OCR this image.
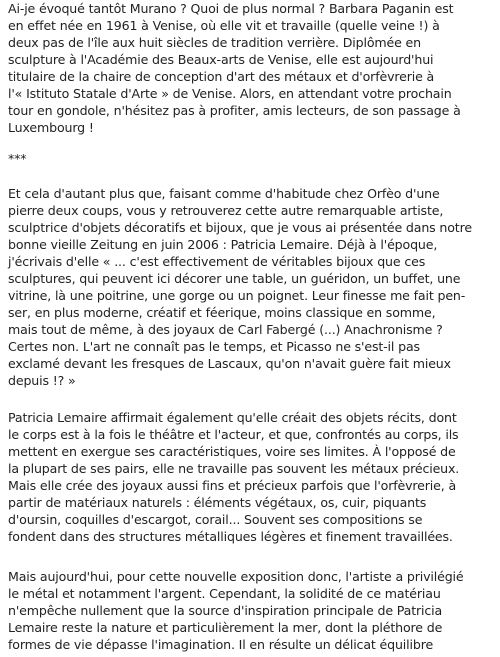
Ai-je évoqué tantôt Murano ? Quoi de plus normal ? Barbara Paganin est
en effet née en 1961 à Venise, où elle vit et travaille (quelle veine !) à
deux pas de l'île aux huit siècles de tradition verrière. Diplômée en
sculpture à l'Académie des Beaux-arts de Venise, elle est aujourd'hui
titulaire de la chaire de conception d'art des métaux et d'orfèvrerie à
l'« Istituto Statale d'Arte » de Venise. Alors, en attendant votre prochain
tour en gondole, n'hésitez pas à profiter, amis lecteurs, de son passage à
Luxembourg !

***

Et cela d'autant plus que, faisant comme d'habitude chez Orfèo d'une
pierre deux coups, vous y retrouverez cette autre remarquable artiste,
sculptrice d'objets décoratifs et bijoux, que je vous ai présentée dans notre
bonne vieille Zeitung en juin 2006 : Patricia Lemaire. Déjà à l'époque,
j'écrivais d'elle « ... c'est effectivement de véritables bijoux que ces
sculptures, qui peuvent ici décorer une table, un guéridon, un buffet, une
vitrine, là une poitrine, une gorge ou un poignet. Leur finesse me fait pen-
ser, en plus moderne, créatif et féerique, moins classique en somme,
mais tout de même, à des joyaux de Carl Fabergé (...) Anachronisme ?
Certes non. L'art ne connaît pas le temps, et Picasso ne s'est-il pas
exclamé devant les fresques de Lascaux, qu'on n'avait guère fait mieux
depuis !? »

Patricia Lemaire affirmait également qu'elle créait des objets récits, dont
le corps est à la fois le théâtre et l'acteur, et que, confrontés au corps, ils
mettent en exergue ses caractéristiques, voire ses limites. À l'opposé de
la plupart de ses pairs, elle ne travaille pas souvent les métaux précieux.
Mais elle crée des joyaux aussi fins et précieux parfois que l'orfèvrerie, à
partir de matériaux naturels : éléments végétaux, os, cuir, piquants
d'oursin, coquilles d'escargot, corail... Souvent ses compositions se
fondent dans des structures métalliques légères et finement travaillées.

Mais aujourd'hui, pour cette nouvelle exposition donc, l'artiste a privilégié
le métal et notamment l'argent. Cependant, la solidité de ce matériau
n'empêche nullement que la source d'inspiration principale de Patricia
Lemaire reste la nature et particulièrement la mer, dont la pléthore de
formes de vie dépasse l'imagination. Il en résulte un délicat équilibre
